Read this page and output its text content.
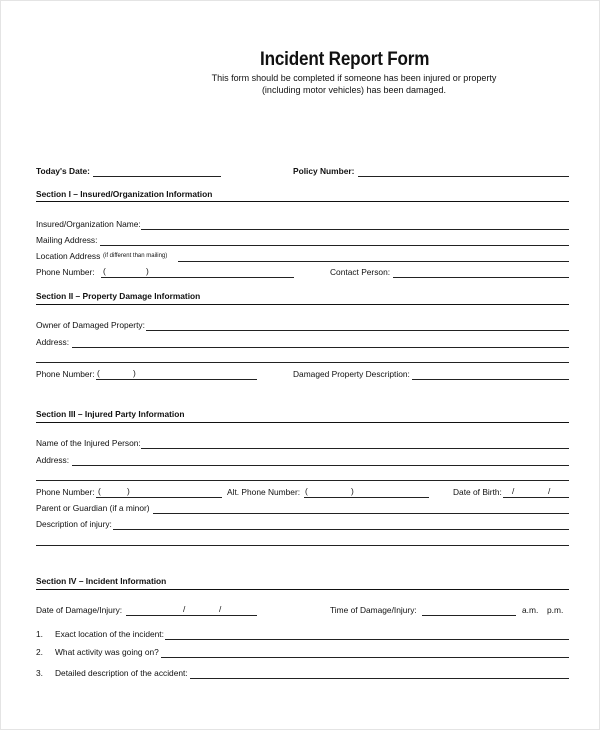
Incident Report Form
This form should be completed if someone has been injured or property
(including motor vehicles) has been damaged.
Today's Date:	Policy Number:
Section I – Insured/Organization Information
Insured/Organization Name:
Mailing Address:
Location Address (if different than mailing)
Phone Number: (	)	Contact Person:
Section II – Property Damage Information
Owner of Damaged Property:
Address:
Phone Number: (	)	Damaged Property Description:
Section III – Injured Party Information
Name of the Injured Person:
Address:
Phone Number: (	)	Alt. Phone Number: (	)	Date of Birth: /	/
Parent or Guardian (if a minor)
Description of injury:
Section IV – Incident Information
Date of Damage/Injury:	/	/	Time of Damage/Injury:	a.m. p.m.
1. Exact location of the incident:
2. What activity was going on?
3. Detailed description of the accident:
